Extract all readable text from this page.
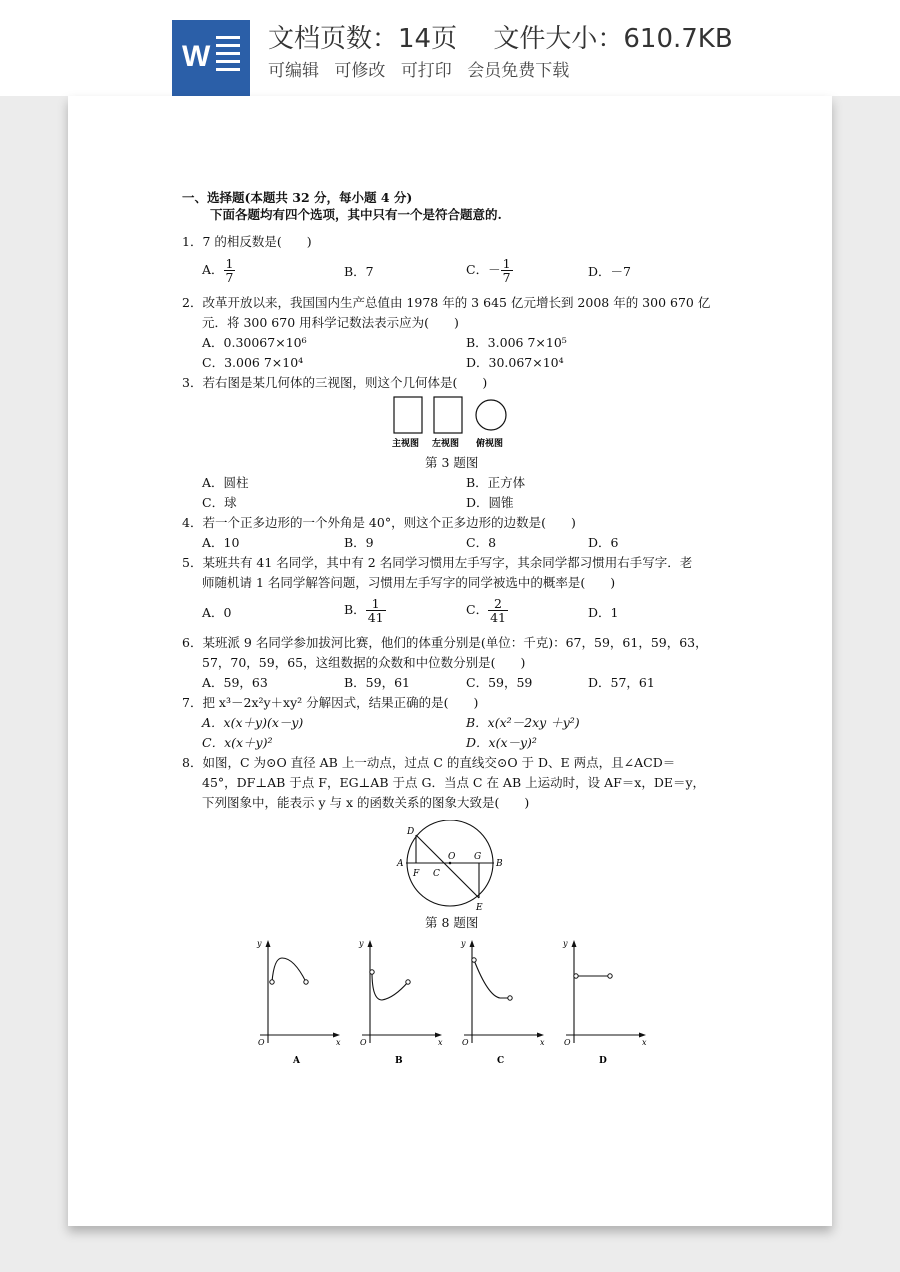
W
文档页数：14页 文件大小：610.7KB
可编辑 可修改 可打印 会员免费下载
一、选择题(本题共 32 分，每小题 4 分)
下面各题均有四个选项，其中只有一个是符合题意的.
1．7 的相反数是(　　)
A． $\frac{1}{7}$	B．7	C．－ $\frac{1}{7}$	D．－7
2．改革开放以来，我国国内生产总值由 1978 年的 3 645 亿元增长到 2008 年的 300 670 亿
元．将 300 670 用科学记数法表示应为(　　)
A．0.30067×10⁶	B．3.006 7×10⁵
C．3.006 7×10⁴	D．30.067×10⁴
3．若右图是某几何体的三视图，则这个几何体是(　　)
主视图 左视图 俯视图
第 3 题图
A．圆柱	B．正方体
C．球	D．圆锥
4．若一个正多边形的一个外角是 40°，则这个正多边形的边数是(　　)
A．10	B．9	C．8	D．6
5．某班共有 41 名同学，其中有 2 名同学习惯用左手写字，其余同学都习惯用右手写字．老
师随机请 1 名同学解答问题，习惯用左手写字的同学被选中的概率是(　　)
A．0	B． $\frac{1}{41}$	C． $\frac{2}{41}$	D．1
6．某班派 9 名同学参加拔河比赛，他们的体重分别是(单位：千克)：67，59，61，59，63，
57，70，59，65，这组数据的众数和中位数分别是(　　)
A．59，63	B．59，61	C．59，59	D．57，61
7．把 x³－2x²y＋xy² 分解因式，结果正确的是(　　)
A．x(x＋y)(x－y)	B．x(x²－2xy ＋y²)
C．x(x＋y)²	D．x(x－y)²
8．如图，C 为⊙O 直径 AB 上一动点，过点 C 的直线交⊙O 于 D、E 两点，且∠ACD＝
45°，DF⊥AB 于点 F，EG⊥AB 于点 G．当点 C 在 AB 上运动时，设 AF＝x，DE＝y，
下列图象中，能表示 y 与 x 的函数关系的图象大致是(　　)
D
A
F C
O G
B
E
第 8 题图
y
x
O
A
y
x
O
B
y
x
O
C
y
x
O
D
